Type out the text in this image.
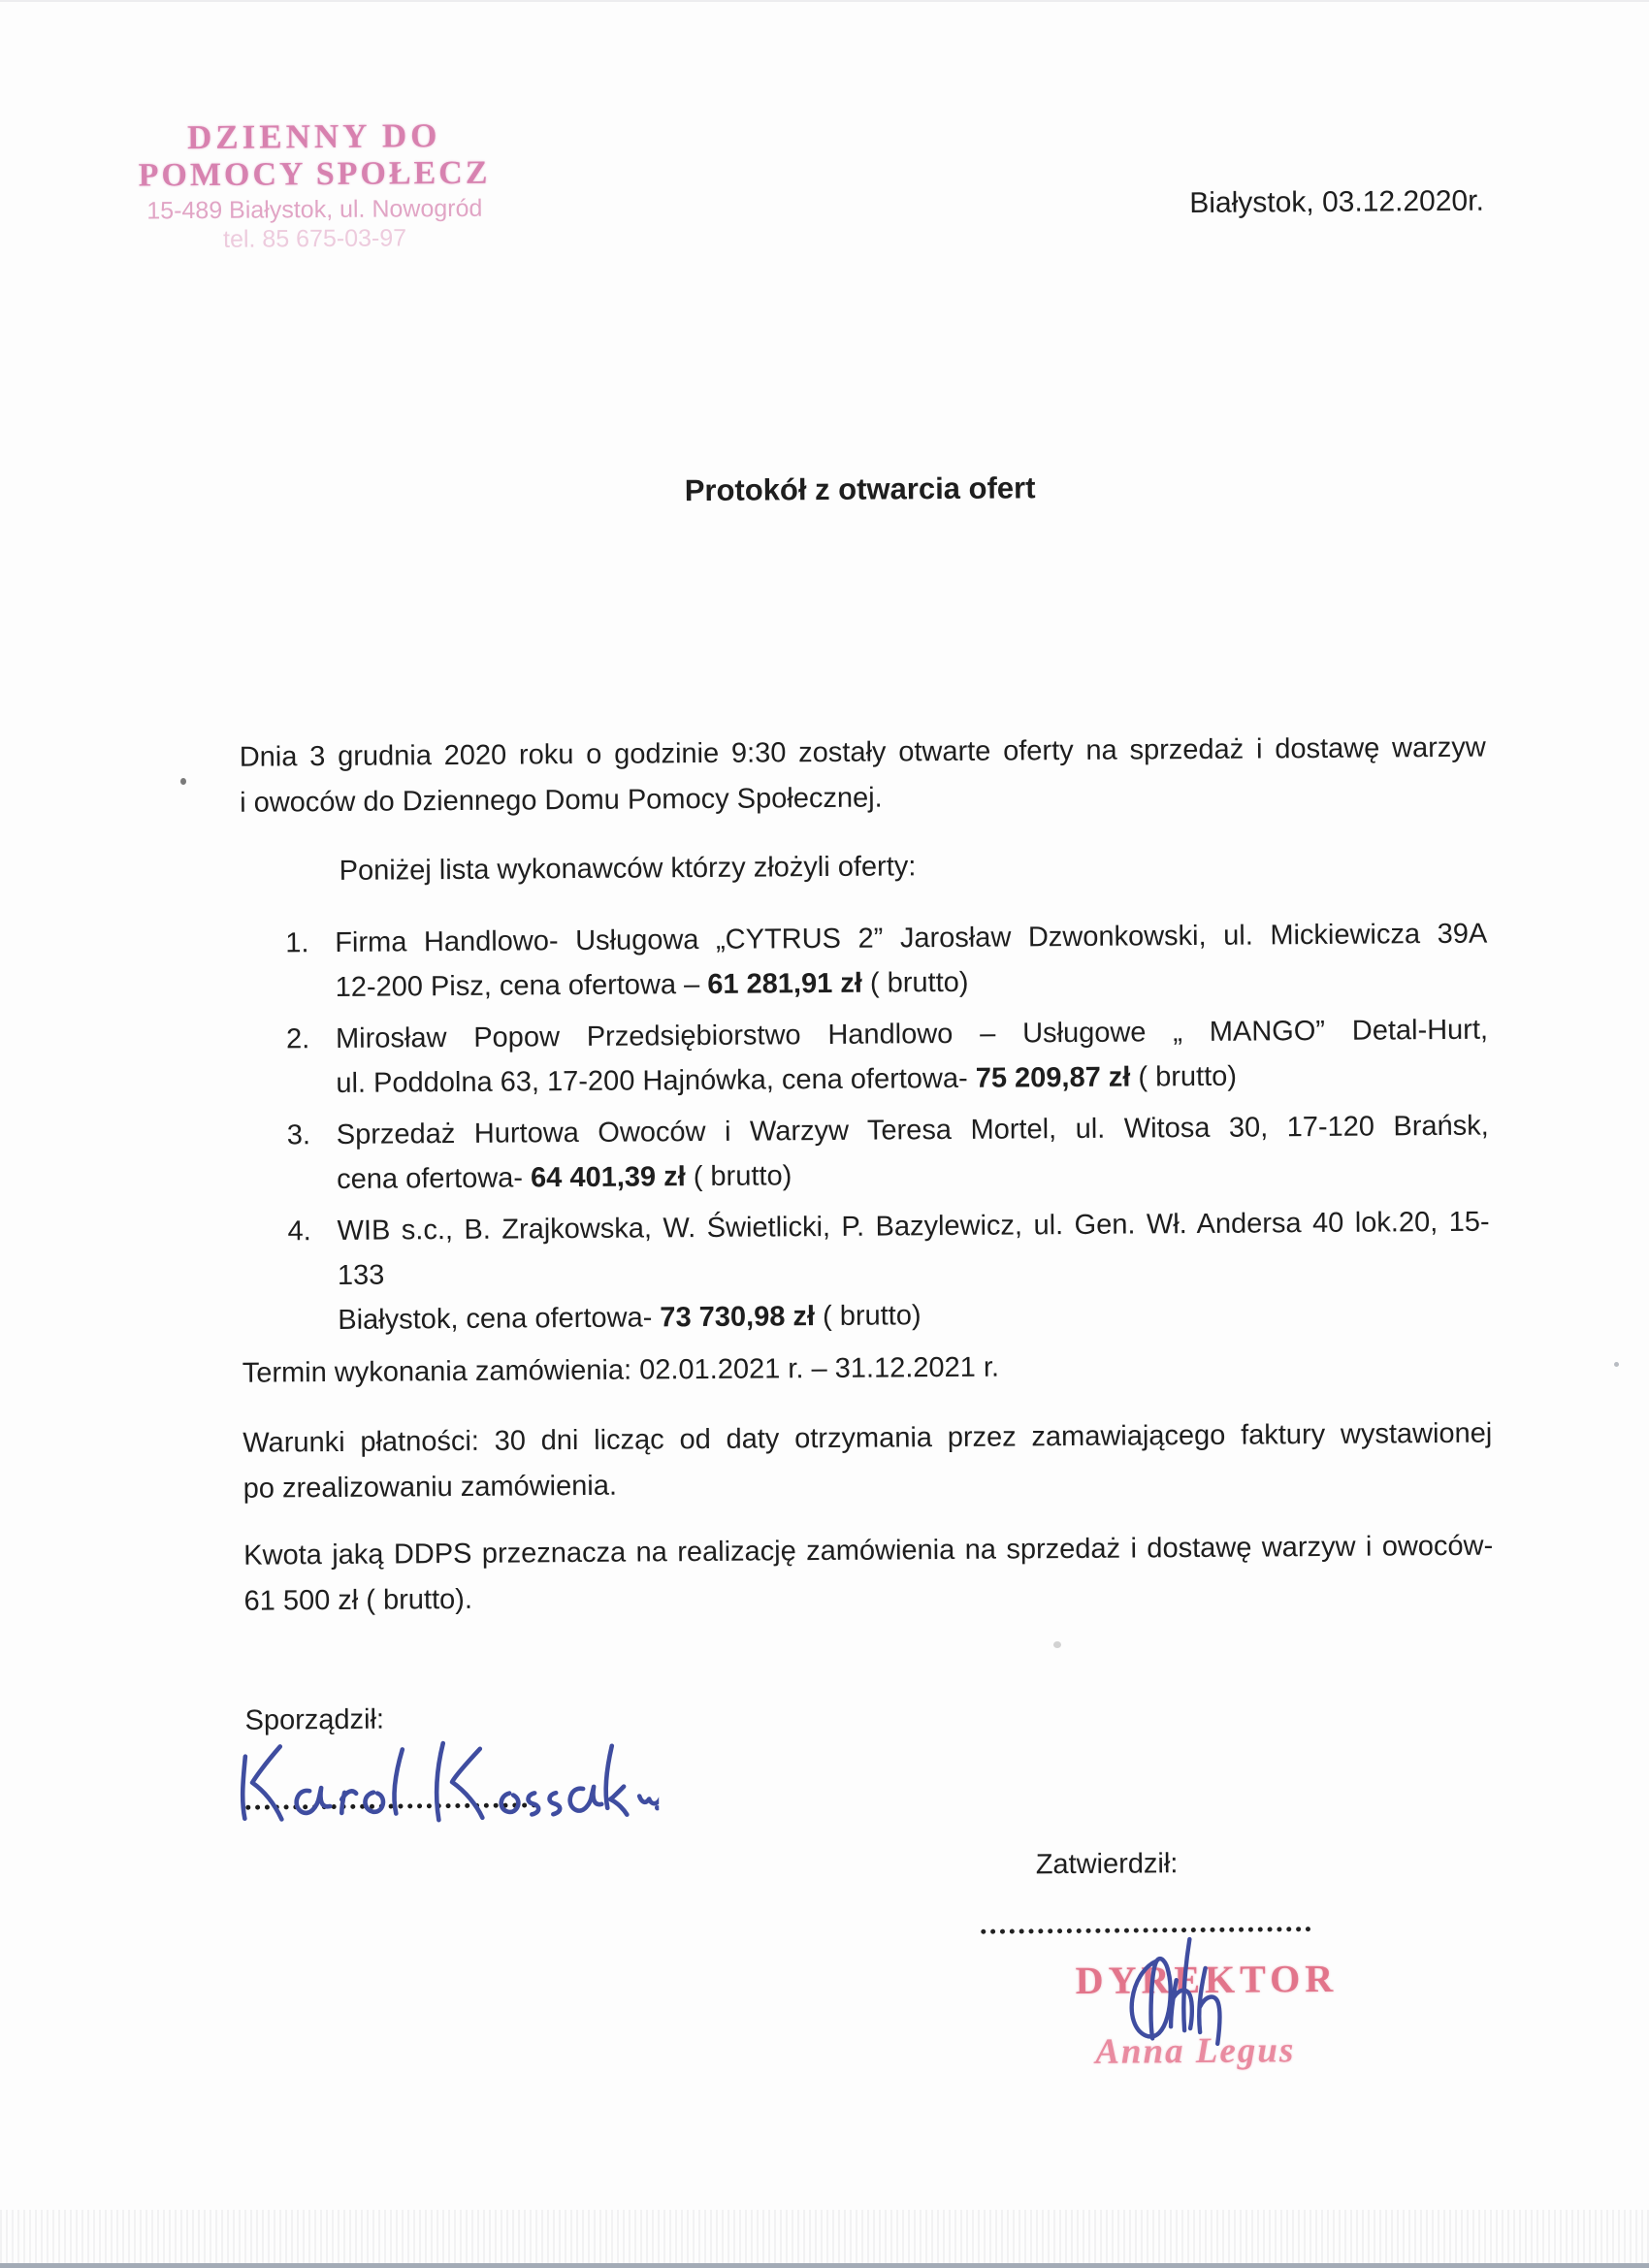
DZIENNY DO
POMOCY SPOŁECZ
15-489 Białystok, ul. Nowogród
tel. 85 675-03-97
Białystok, 03.12.2020r.
Protokół z otwarcia ofert
Dnia 3 grudnia 2020 roku o godzinie 9:30 zostały otwarte oferty na sprzedaż i dostawę warzyw
i owoców do Dziennego Domu Pomocy Społecznej.
Poniżej lista wykonawców którzy złożyli oferty:
1. Firma Handlowo- Usługowa „CYTRUS 2” Jarosław Dzwonkowski, ul. Mickiewicza 39A
12-200 Pisz, cena ofertowa – 61 281,91 zł ( brutto)
2. Mirosław Popow Przedsiębiorstwo Handlowo – Usługowe „ MANGO” Detal-Hurt,
ul. Poddolna 63, 17-200 Hajnówka, cena ofertowa- 75 209,87 zł ( brutto)
3. Sprzedaż Hurtowa Owoców i Warzyw Teresa Mortel, ul. Witosa 30, 17-120 Brańsk,
cena ofertowa- 64 401,39 zł ( brutto)
4. WIB s.c., B. Zrajkowska, W. Świetlicki, P. Bazylewicz, ul. Gen. Wł. Andersa 40 lok.20, 15-133
Białystok, cena ofertowa- 73 730,98 zł ( brutto)
Termin wykonania zamówienia: 02.01.2021 r. – 31.12.2021 r.
Warunki płatności: 30 dni licząc od daty otrzymania przez zamawiającego faktury wystawionej
po zrealizowaniu zamówienia.
Kwota jaką DDPS przeznacza na realizację zamówienia na sprzedaż i dostawę warzyw i owoców-
61 500 zł ( brutto).
Sporządził:
Zatwierdził:
DYREKTOR
Anna Legus
